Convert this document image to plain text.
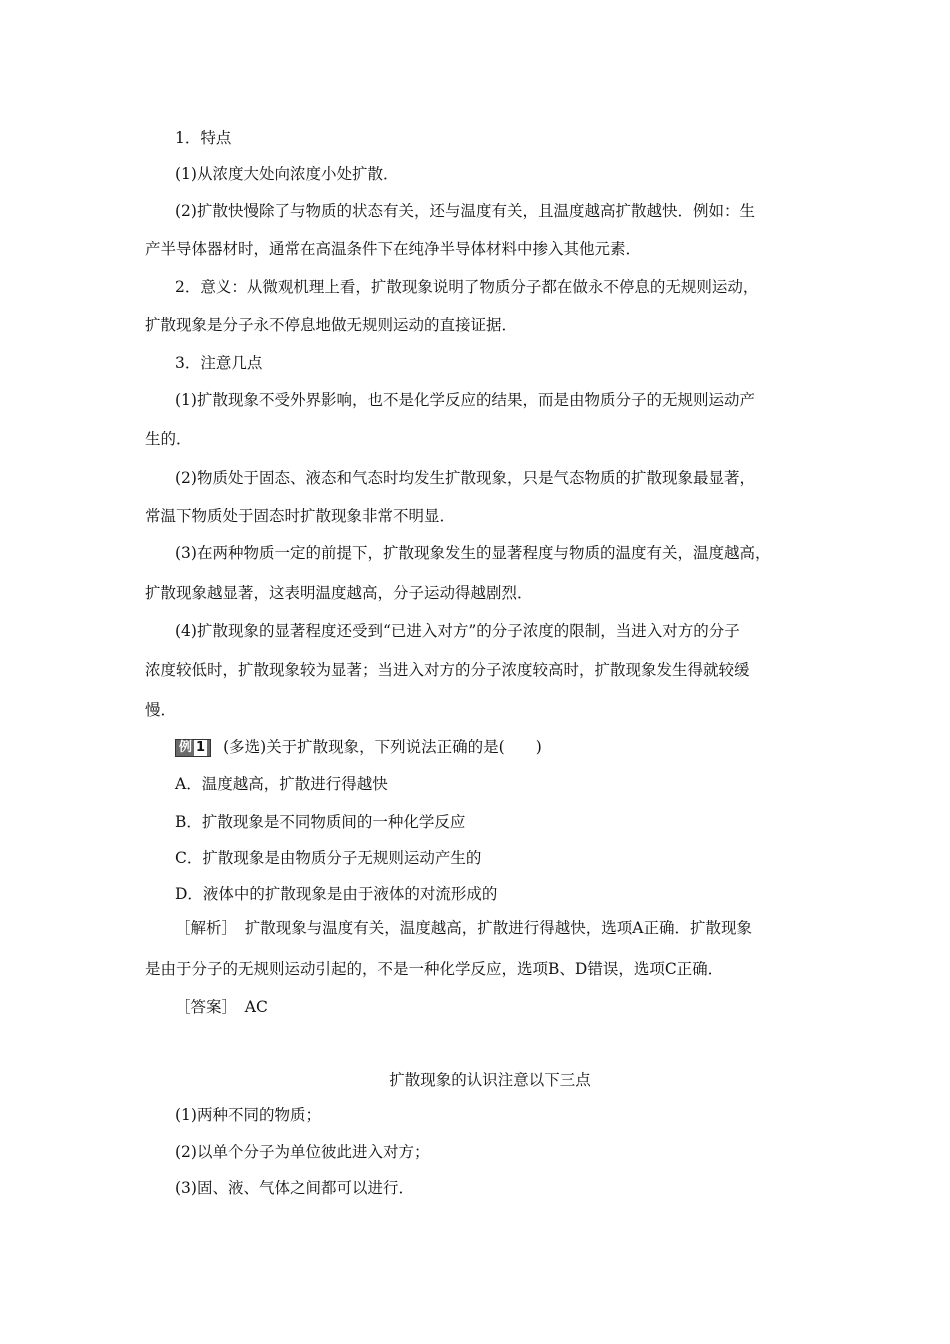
1．特点
(1)从浓度大处向浓度小处扩散．
(2)扩散快慢除了与物质的状态有关，还与温度有关，且温度越高扩散越快．例如：生
产半导体器材时，通常在高温条件下在纯净半导体材料中掺入其他元素．
2．意义：从微观机理上看，扩散现象说明了物质分子都在做永不停息的无规则运动，
扩散现象是分子永不停息地做无规则运动的直接证据．
3．注意几点
(1)扩散现象不受外界影响，也不是化学反应的结果，而是由物质分子的无规则运动产
生的．
(2)物质处于固态、液态和气态时均发生扩散现象，只是气态物质的扩散现象最显著，
常温下物质处于固态时扩散现象非常不明显．
(3)在两种物质一定的前提下，扩散现象发生的显著程度与物质的温度有关，温度越高，
扩散现象越显著，这表明温度越高，分子运动得越剧烈．
(4)扩散现象的显著程度还受到“已进入对方”的分子浓度的限制，当进入对方的分子
浓度较低时，扩散现象较为显著；当进入对方的分子浓度较高时，扩散现象发生得就较缓
慢．
例 1 (多选)关于扩散现象，下列说法正确的是(　　)
A．温度越高，扩散进行得越快
B．扩散现象是不同物质间的一种化学反应
C．扩散现象是由物质分子无规则运动产生的
D．液体中的扩散现象是由于液体的对流形成的
［解析］　扩散现象与温度有关，温度越高，扩散进行得越快，选项A正确．扩散现象
是由于分子的无规则运动引起的，不是一种化学反应，选项B、D错误，选项C正确．
［答案］　AC
扩散现象的认识注意以下三点
(1)两种不同的物质；
(2)以单个分子为单位彼此进入对方；
(3)固、液、气体之间都可以进行．
